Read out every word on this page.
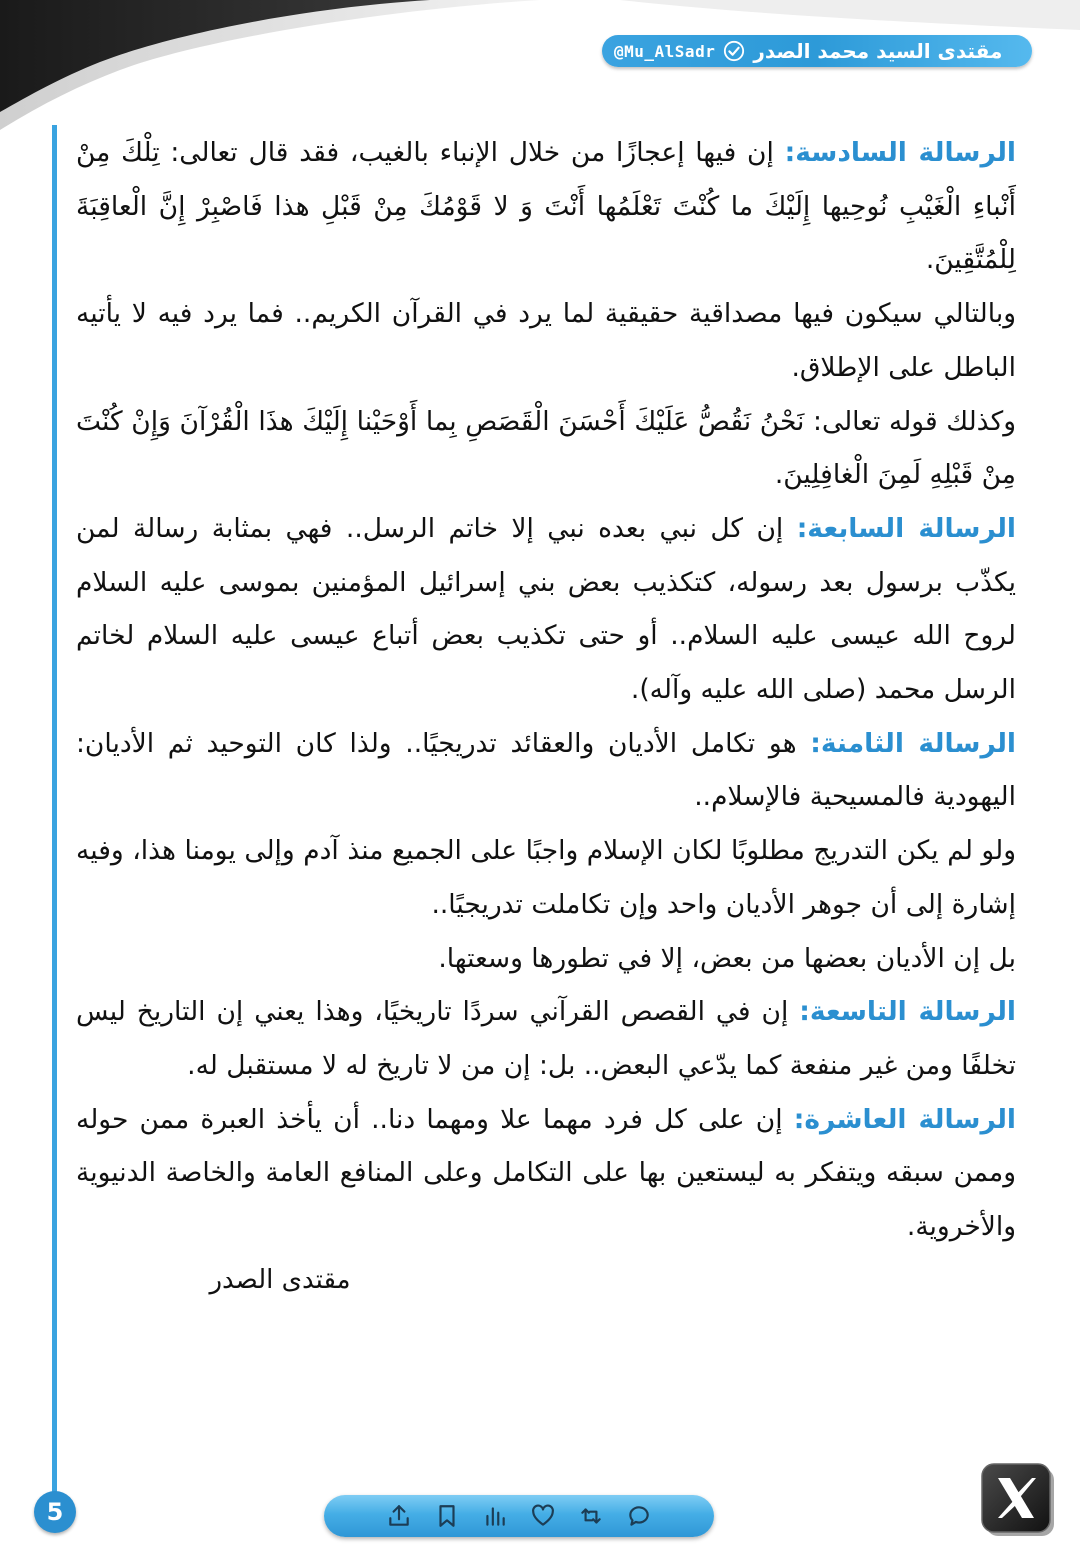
@Mu_AlSadr مقتدى السيد محمد الصدر
5

الرسالة السادسة: إن فيها إعجازًا من خلال الإنباء بالغيب، فقد قال تعالى: تِلْكَ مِنْ أَنْباءِ الْغَيْبِ نُوحِيها إِلَيْكَ ما كُنْتَ تَعْلَمُها أَنْتَ وَ لا قَوْمُكَ مِنْ قَبْلِ هذا فَاصْبِرْ إِنَّ الْعاقِبَةَ لِلْمُتَّقِينَ.

وبالتالي سيكون فيها مصداقية حقيقية لما يرد في القرآن الكريم.. فما يرد فيه لا يأتيه الباطل على الإطلاق.

وكذلك قوله تعالى: نَحْنُ نَقُصُّ عَلَيْكَ أَحْسَنَ الْقَصَصِ بِما أَوْحَيْنا إِلَيْكَ هذَا الْقُرْآنَ وَإِنْ كُنْتَ مِنْ قَبْلِهِ لَمِنَ الْغافِلِينَ.

الرسالة السابعة: إن كل نبي بعده نبي إلا خاتم الرسل.. فهي بمثابة رسالة لمن يكذّب برسول بعد رسوله، كتكذيب بعض بني إسرائيل المؤمنين بموسى عليه السلام لروح الله عيسى عليه السلام.. أو حتى تكذيب بعض أتباع عيسى عليه السلام لخاتم الرسل محمد (صلى الله عليه وآله).

الرسالة الثامنة: هو تكامل الأديان والعقائد تدريجيًا.. ولذا كان التوحيد ثم الأديان: اليهودية فالمسيحية فالإسلام..

ولو لم يكن التدريج مطلوبًا لكان الإسلام واجبًا على الجميع منذ آدم وإلى يومنا هذا، وفيه إشارة إلى أن جوهر الأديان واحد وإن تكاملت تدريجيًا..

بل إن الأديان بعضها من بعض، إلا في تطورها وسعتها.

الرسالة التاسعة: إن في القصص القرآني سردًا تاريخيًا، وهذا يعني إن التاريخ ليس تخلفًا ومن غير منفعة كما يدّعي البعض.. بل: إن من لا تاريخ له لا مستقبل له.

الرسالة العاشرة: إن على كل فرد مهما علا ومهما دنا.. أن يأخذ العبرة ممن حوله وممن سبقه ويتفكر به ليستعين بها على التكامل وعلى المنافع العامة والخاصة الدنيوية والأخروية.

مقتدى الصدر
